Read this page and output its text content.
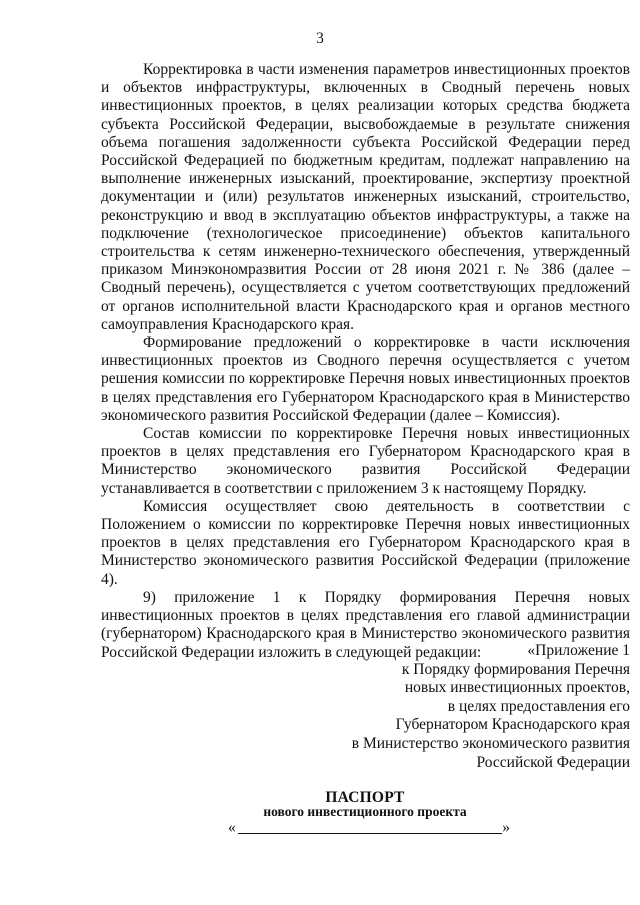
3

Корректировка в части изменения параметров инвестиционных проектов и объектов инфраструктуры, включенных в Сводный перечень новых инвестиционных проектов, в целях реализации которых средства бюджета субъекта Российской Федерации, высвобождаемые в результате снижения объема погашения задолженности субъекта Российской Федерации перед Российской Федерацией по бюджетным кредитам, подлежат направлению на выполнение инженерных изысканий, проектирование, экспертизу проектной документации и (или) результатов инженерных изысканий, строительство, реконструкцию и ввод в эксплуатацию объектов инфраструктуры, а также на подключение (технологическое присоединение) объектов капитального строительства к сетям инженерно-технического обеспечения, утвержденный приказом Минэкономразвития России от 28 июня 2021 г. № 386 (далее – Сводный перечень), осуществляется с учетом соответствующих предложений от органов исполнительной власти Краснодарского края и органов местного самоуправления Краснодарского края.

Формирование предложений о корректировке в части исключения инвестиционных проектов из Сводного перечня осуществляется с учетом решения комиссии по корректировке Перечня новых инвестиционных проектов в целях представления его Губернатором Краснодарского края в Министерство экономического развития Российской Федерации (далее – Комиссия).

Состав комиссии по корректировке Перечня новых инвестиционных проектов в целях представления его Губернатором Краснодарского края в Министерство экономического развития Российской Федерации устанавливается в соответствии с приложением 3 к настоящему Порядку.

Комиссия осуществляет свою деятельность в соответствии с Положением о комиссии по корректировке Перечня новых инвестиционных проектов в целях представления его Губернатором Краснодарского края в Министерство экономического развития Российской Федерации (приложение 4).

9) приложение 1 к Порядку формирования Перечня новых инвестиционных проектов в целях представления его главой администрации (губернатором) Краснодарского края в Министерство экономического развития Российской Федерации изложить в следующей редакции:	«Приложение 1
к Порядку формирования Перечня
новых инвестиционных проектов,
в целях предоставления его
Губернатором Краснодарского края
в Министерство экономического развития
Российской Федерации
ПАСПОРТ
нового инвестиционного проекта
«	»
